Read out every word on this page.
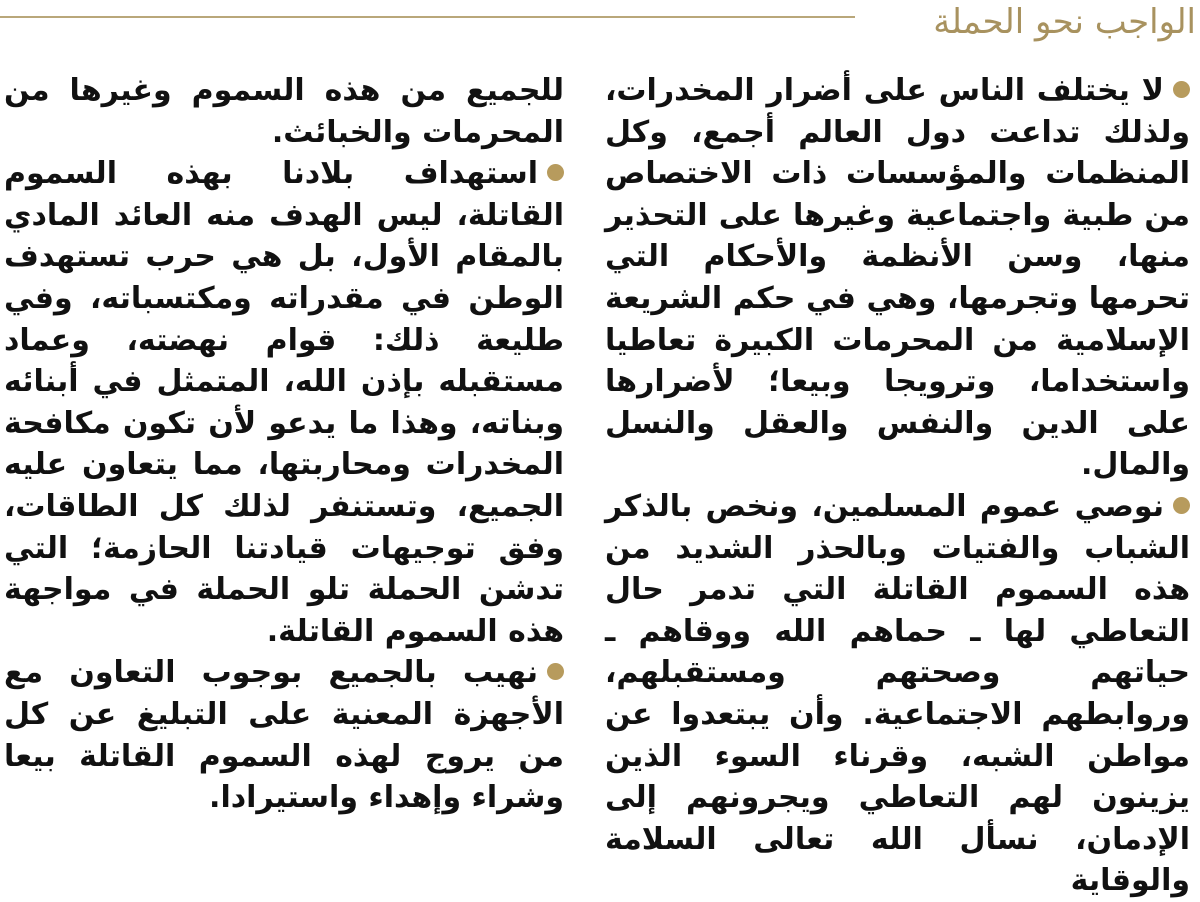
الواجب نحو الحملة

لا يختلف الناس على أضرار المخدرات، ولذلك تداعت دول العالم أجمع، وكل المنظمات والمؤسسات ذات الاختصاص من طبية واجتماعية وغيرها على التحذير منها، وسن الأنظمة والأحكام التي تحرمها وتجرمها، وهي في حكم الشريعة الإسلامية من المحرمات الكبيرة تعاطيا واستخداما، وترويجا وبيعا؛ لأضرارها على الدين والنفس والعقل والنسل والمال.

نوصي عموم المسلمين، ونخص بالذكر الشباب والفتيات وبالحذر الشديد من هذه السموم القاتلة التي تدمر حال التعاطي لها ـ حماهم الله ووقاهم ـ حياتهم وصحتهم ومستقبلهم، وروابطهم الاجتماعية. وأن يبتعدوا عن مواطن الشبه، وقرناء السوء الذين يزينون لهم التعاطي ويجرونهم إلى الإدمان، نسأل الله تعالى السلامة والوقاية

للجميع من هذه السموم وغيرها من المحرمات والخبائث.

استهداف بلادنا بهذه السموم القاتلة، ليس الهدف منه العائد المادي بالمقام الأول، بل هي حرب تستهدف الوطن في مقدراته ومكتسباته، وفي طليعة ذلك: قوام نهضته، وعماد مستقبله بإذن الله، المتمثل في أبنائه وبناته، وهذا ما يدعو لأن تكون مكافحة المخدرات ومحاربتها، مما يتعاون عليه الجميع، وتستنفر لذلك كل الطاقات، وفق توجيهات قيادتنا الحازمة؛ التي تدشن الحملة تلو الحملة في مواجهة هذه السموم القاتلة.

نهيب بالجميع بوجوب التعاون مع الأجهزة المعنية على التبليغ عن كل من يروج لهذه السموم القاتلة بيعا وشراء وإهداء واستيرادا.
